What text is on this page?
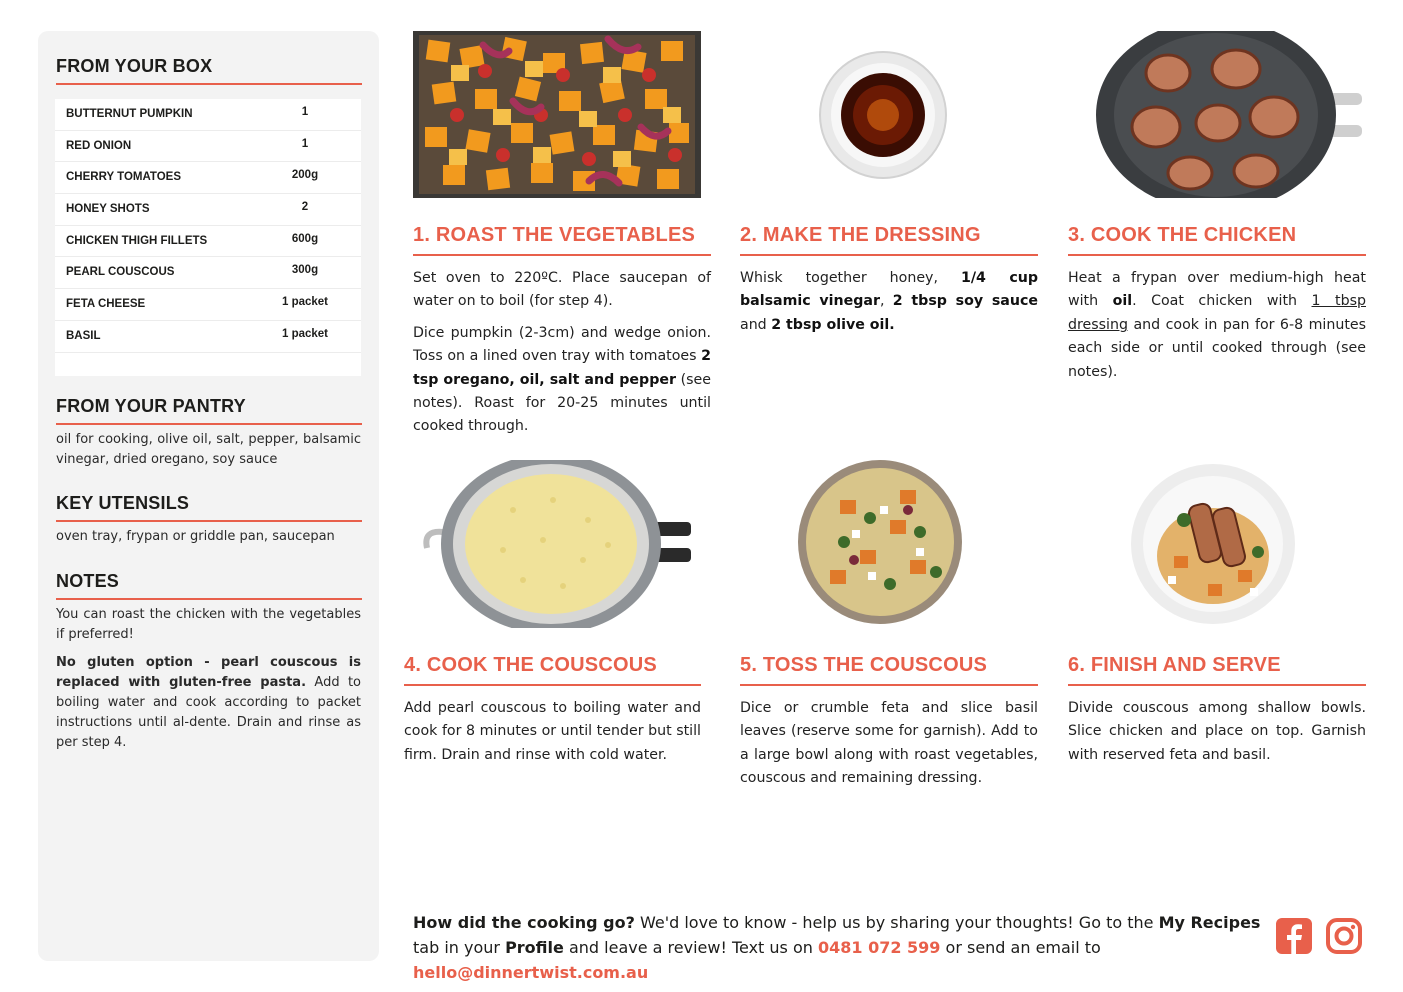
FROM YOUR BOX
BUTTERNUT PUMPKIN	1
RED ONION	1
CHERRY TOMATOES	200g
HONEY SHOTS	2
CHICKEN THIGH FILLETS	600g
PEARL COUSCOUS	300g
FETA CHEESE	1 packet
BASIL	1 packet
FROM YOUR PANTRY

oil for cooking, olive oil, salt, pepper, balsamic vinegar, dried oregano, soy sauce

KEY UTENSILS

oven tray, frypan or griddle pan, saucepan

NOTES

You can roast the chicken with the vegetables if preferred!

No gluten option - pearl couscous is replaced with gluten-free pasta. Add to boiling water and cook according to packet instructions until al-dente. Drain and rinse as per step 4.

1. ROAST THE VEGETABLES

Set oven to 220ºC. Place saucepan of water on to boil (for step 4).

Dice pumpkin (2-3cm) and wedge onion. Toss on a lined oven tray with tomatoes 2 tsp oregano, oil, salt and pepper (see notes). Roast for 20-25 minutes until cooked through.

2. MAKE THE DRESSING

Whisk together honey, 1/4 cup balsamic vinegar, 2 tbsp soy sauce and 2 tbsp olive oil.

3. COOK THE CHICKEN

Heat a frypan over medium-high heat with oil. Coat chicken with 1 tbsp dressing and cook in pan for 6-8 minutes each side or until cooked through (see notes).

4. COOK THE COUSCOUS

Add pearl couscous to boiling water and cook for 8 minutes or until tender but still firm. Drain and rinse with cold water.

5. TOSS THE COUSCOUS

Dice or crumble feta and slice basil leaves (reserve some for garnish). Add to a large bowl along with roast vegetables, couscous and remaining dressing.

6. FINISH AND SERVE

Divide couscous among shallow bowls. Slice chicken and place on top. Garnish with reserved feta and basil.

How did the cooking go? We'd love to know - help us by sharing your thoughts! Go to the My Recipes tab in your Profile and leave a review! Text us on 0481 072 599 or send an email to hello@dinnertwist.com.au
